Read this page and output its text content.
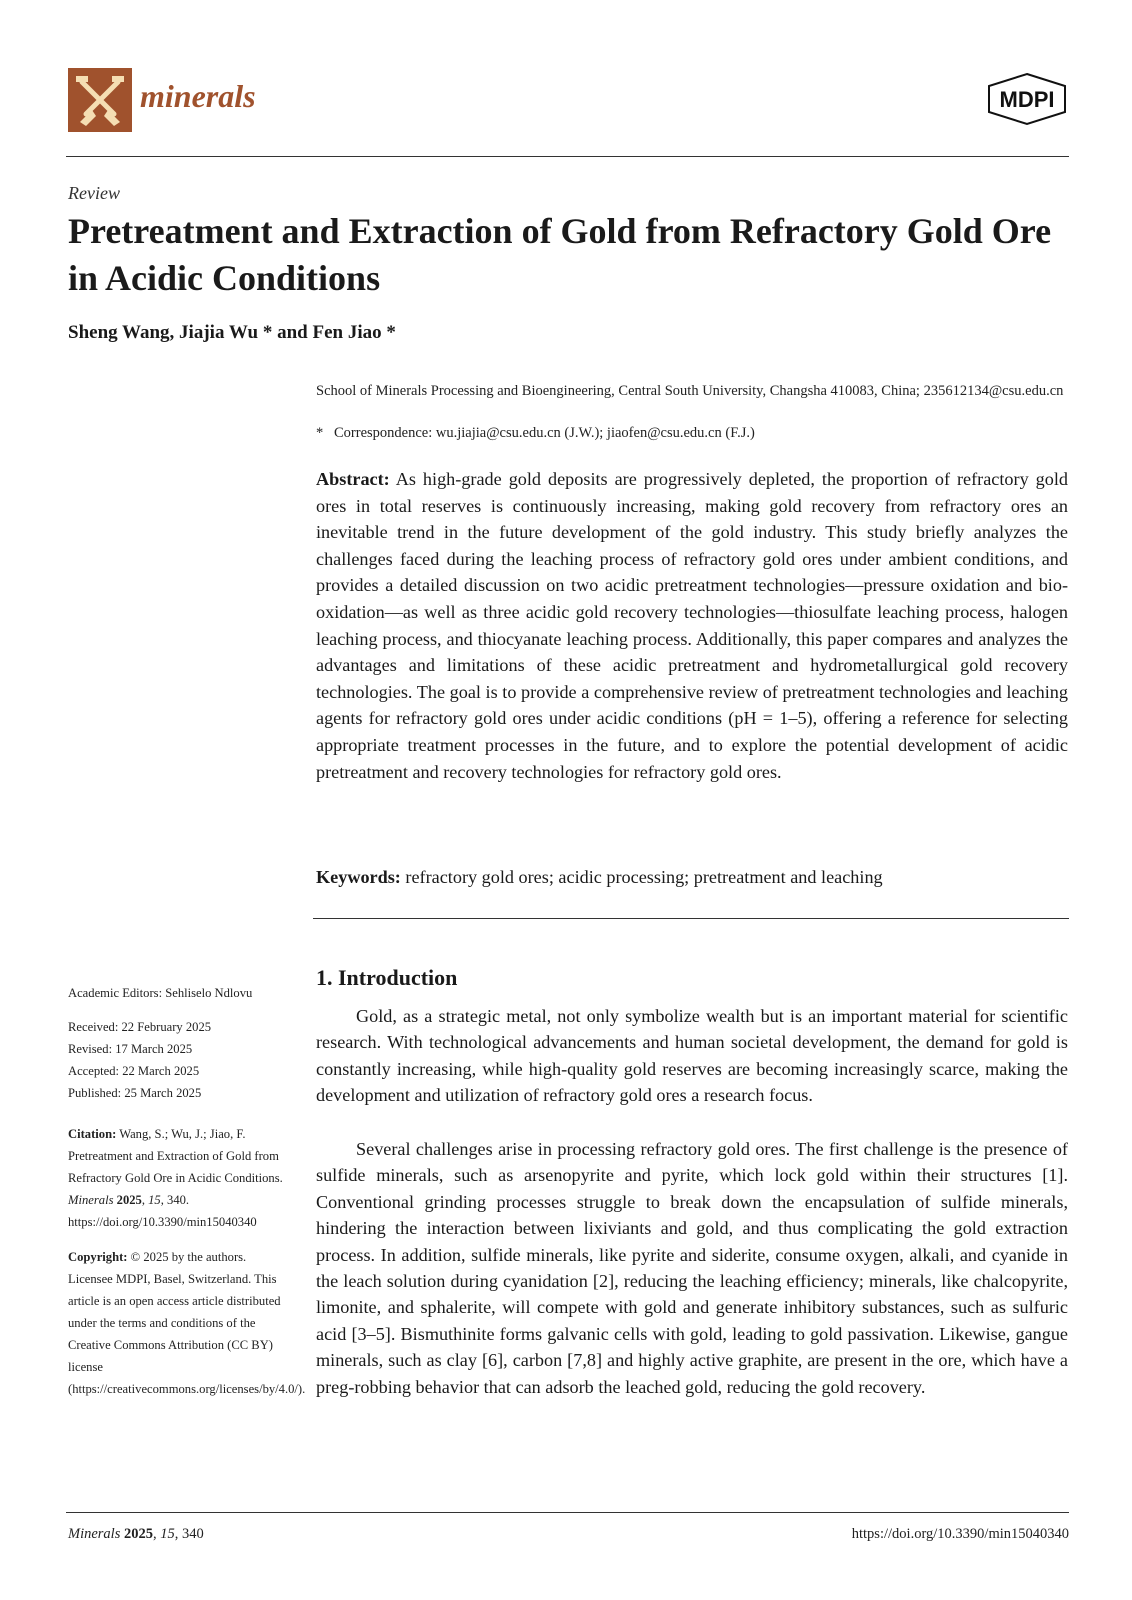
minerals	MDPI
Review
Pretreatment and Extraction of Gold from Refractory Gold Ore in Acidic Conditions
Sheng Wang, Jiajia Wu * and Fen Jiao *
School of Minerals Processing and Bioengineering, Central South University, Changsha 410083, China; 235612134@csu.edu.cn
* Correspondence: wu.jiajia@csu.edu.cn (J.W.); jiaofen@csu.edu.cn (F.J.)
Abstract: As high-grade gold deposits are progressively depleted, the proportion of refractory gold ores in total reserves is continuously increasing, making gold recovery from refractory ores an inevitable trend in the future development of the gold industry. This study briefly analyzes the challenges faced during the leaching process of refractory gold ores under ambient conditions, and provides a detailed discussion on two acidic pretreatment technologies—pressure oxidation and bio-oxidation—as well as three acidic gold recovery technologies—thiosulfate leaching process, halogen leaching process, and thiocyanate leaching process. Additionally, this paper compares and analyzes the advantages and limitations of these acidic pretreatment and hydrometallurgical gold recovery technologies. The goal is to provide a comprehensive review of pretreatment technologies and leaching agents for refractory gold ores under acidic conditions (pH = 1–5), offering a reference for selecting appropriate treatment processes in the future, and to explore the potential development of acidic pretreatment and recovery technologies for refractory gold ores.
Keywords: refractory gold ores; acidic processing; pretreatment and leaching
Academic Editors: Sehliselo Ndlovu
Received: 22 February 2025
Revised: 17 March 2025
Accepted: 22 March 2025
Published: 25 March 2025
Citation: Wang, S.; Wu, J.; Jiao, F. Pretreatment and Extraction of Gold from Refractory Gold Ore in Acidic Conditions. Minerals 2025, 15, 340. https://doi.org/10.3390/min15040340
Copyright: © 2025 by the authors. Licensee MDPI, Basel, Switzerland. This article is an open access article distributed under the terms and conditions of the Creative Commons Attribution (CC BY) license (https://creativecommons.org/licenses/by/4.0/).
1. Introduction
Gold, as a strategic metal, not only symbolize wealth but is an important material for scientific research. With technological advancements and human societal development, the demand for gold is constantly increasing, while high-quality gold reserves are becoming increasingly scarce, making the development and utilization of refractory gold ores a research focus.
Several challenges arise in processing refractory gold ores. The first challenge is the presence of sulfide minerals, such as arsenopyrite and pyrite, which lock gold within their structures [1]. Conventional grinding processes struggle to break down the encapsulation of sulfide minerals, hindering the interaction between lixiviants and gold, and thus complicating the gold extraction process. In addition, sulfide minerals, like pyrite and siderite, consume oxygen, alkali, and cyanide in the leach solution during cyanidation [2], reducing the leaching efficiency; minerals, like chalcopyrite, limonite, and sphalerite, will compete with gold and generate inhibitory substances, such as sulfuric acid [3–5]. Bismuthinite forms galvanic cells with gold, leading to gold passivation. Likewise, gangue minerals, such as clay [6], carbon [7,8] and highly active graphite, are present in the ore, which have a preg-robbing behavior that can adsorb the leached gold, reducing the gold recovery.
Minerals 2025, 15, 340	https://doi.org/10.3390/min15040340
